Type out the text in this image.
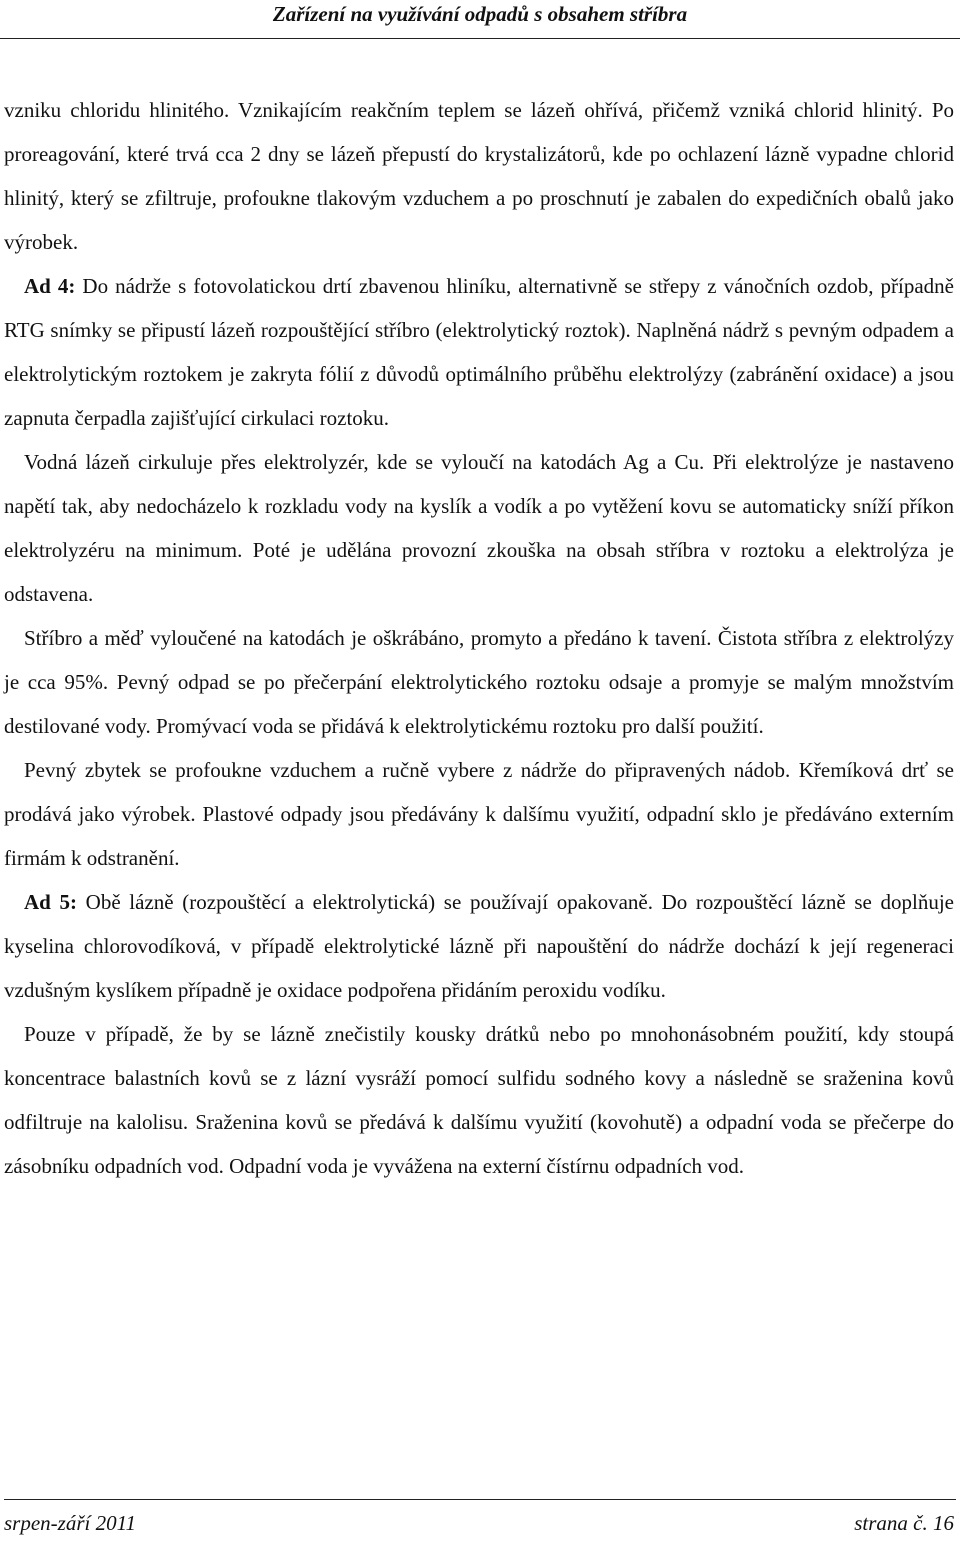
Zařízení na využívání odpadů s obsahem stříbra

vzniku chloridu hlinitého. Vznikajícím reakčním teplem se lázeň ohřívá, přičemž vzniká chlorid hlinitý. Po proreagování, které trvá cca 2 dny se lázeň přepustí do krystalizátorů, kde po ochlazení lázně vypadne chlorid hlinitý, který se zfiltruje, profoukne tlakovým vzduchem a po proschnutí je zabalen do expedičních obalů jako výrobek.

Ad 4: Do nádrže s fotovolatickou drtí zbavenou hliníku, alternativně se střepy z vánočních ozdob, případně RTG snímky se připustí lázeň rozpouštějící stříbro (elektrolytický roztok). Naplněná nádrž s pevným odpadem a elektrolytickým roztokem je zakryta fólií z důvodů optimálního průběhu elektrolýzy (zabránění oxidace) a jsou zapnuta čerpadla zajišťující cirkulaci roztoku.

Vodná lázeň cirkuluje přes elektrolyzér, kde se vyloučí na katodách Ag a Cu. Při elektrolýze je nastaveno napětí tak, aby nedocházelo k rozkladu vody na kyslík a vodík a po vytěžení kovu se automaticky sníží příkon elektrolyzéru na minimum. Poté je udělána provozní zkouška na obsah stříbra v roztoku a elektrolýza je odstavena.

Stříbro a měď vyloučené na katodách je oškrábáno, promyto a předáno k tavení. Čistota stříbra z elektrolýzy je cca 95%. Pevný odpad se po přečerpání elektrolytického roztoku odsaje a promyje se malým množstvím destilované vody. Promývací voda se přidává k elektrolytickému roztoku pro další použití.

Pevný zbytek se profoukne vzduchem a ručně vybere z nádrže do připravených nádob. Křemíková drť se prodává jako výrobek. Plastové odpady jsou předávány k dalšímu využití, odpadní sklo je předáváno externím firmám k odstranění.

Ad 5: Obě lázně (rozpouštěcí a elektrolytická) se používají opakovaně. Do rozpouštěcí lázně se doplňuje kyselina chlorovodíková, v případě elektrolytické lázně při napouštění do nádrže dochází k její regeneraci vzdušným kyslíkem případně je oxidace podpořena přidáním peroxidu vodíku.

Pouze v případě, že by se lázně znečistily kousky drátků nebo po mnohonásobném použití, kdy stoupá koncentrace balastních kovů se z lázní vysráží pomocí sulfidu sodného kovy a následně se sraženina kovů odfiltruje na kalolisu. Sraženina kovů se předává k dalšímu využití (kovohutě) a odpadní voda se přečerpe do zásobníku odpadních vod. Odpadní voda je vyvážena na externí čístírnu odpadních vod.

srpen-září 2011	strana č. 16
